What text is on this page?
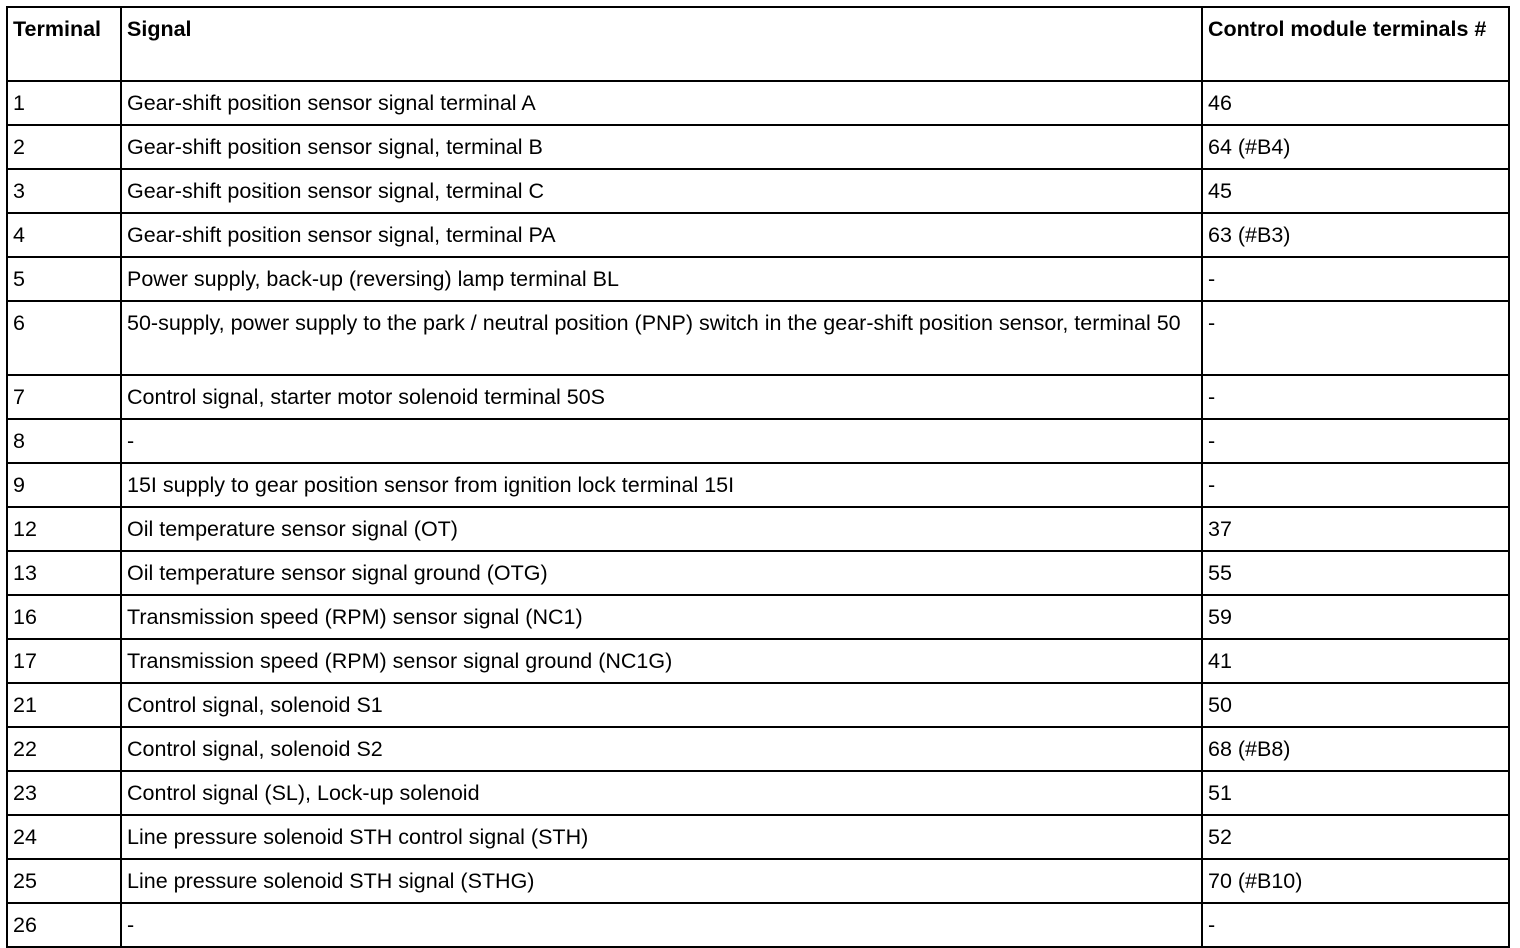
Terminal	Signal	Control module terminals #
1	Gear-shift position sensor signal terminal A	46
2	Gear-shift position sensor signal, terminal B	64 (#B4)
3	Gear-shift position sensor signal, terminal C	45
4	Gear-shift position sensor signal, terminal PA	63 (#B3)
5	Power supply, back-up (reversing) lamp terminal BL	-
6	50-supply, power supply to the park / neutral position (PNP) switch in the gear-shift position sensor, terminal 50	-
7	Control signal, starter motor solenoid terminal 50S	-
8	-	-
9	15I supply to gear position sensor from ignition lock terminal 15I	-
12	Oil temperature sensor signal (OT)	37
13	Oil temperature sensor signal ground (OTG)	55
16	Transmission speed (RPM) sensor signal (NC1)	59
17	Transmission speed (RPM) sensor signal ground (NC1G)	41
21	Control signal, solenoid S1	50
22	Control signal, solenoid S2	68 (#B8)
23	Control signal (SL), Lock-up solenoid	51
24	Line pressure solenoid STH control signal (STH)	52
25	Line pressure solenoid STH signal (STHG)	70 (#B10)
26	-	-
